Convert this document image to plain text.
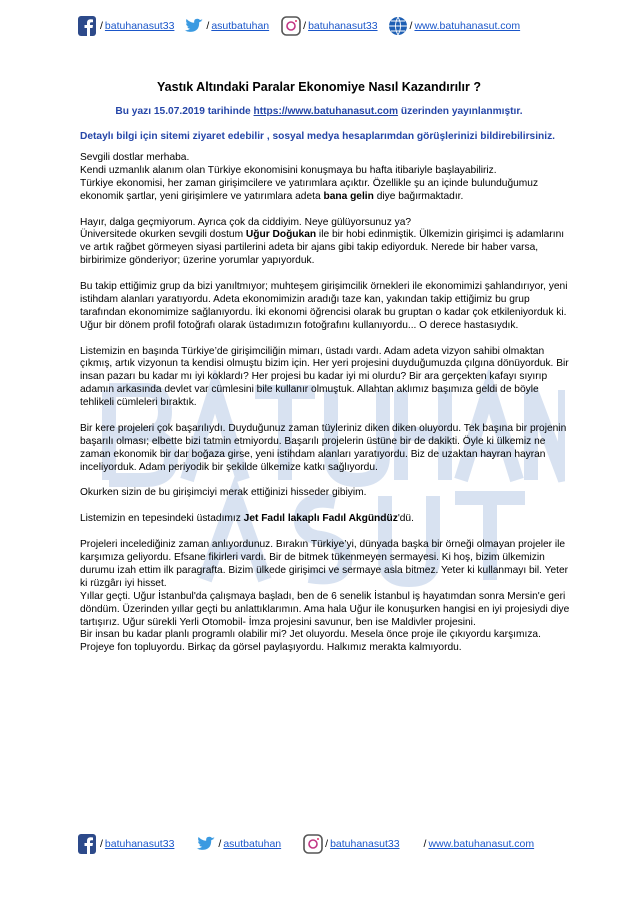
/ batuhanasut33	/ asutbatuhan	/ batuhanasut33	/ www.batuhanasut.com
Yastık Altındaki Paralar Ekonomiye Nasıl Kazandırılır ?
Bu yazı 15.07.2019 tarihinde https://www.batuhanasut.com üzerinden yayınlanmıştır.
Detaylı bilgi için sitemi ziyaret edebilir , sosyal medya hesaplarımdan görüşlerinizi bildirebilirsiniz.

Sevgili dostlar merhaba.
Kendi uzmanlık alanım olan Türkiye ekonomisini konuşmaya bu hafta itibariyle başlayabiliriz.
Türkiye ekonomisi, her zaman girişimcilere ve yatırımlara açıktır. Özellikle şu an içinde bulunduğumuz ekonomik şartlar, yeni girişimlere ve yatırımlara adeta bana gelin diye bağırmaktadır.

Hayır, dalga geçmiyorum. Ayrıca çok da ciddiyim. Neye gülüyorsunuz ya?
Üniversitede okurken sevgili dostum Uğur Doğukan ile bir hobi edinmiştik. Ülkemizin girişimci iş adamlarını ve artık rağbet görmeyen siyasi partilerini adeta bir ajans gibi takip ediyorduk. Nerede bir haber varsa, birbirimize gönderiyor; üzerine yorumlar yapıyorduk.

Bu takip ettiğimiz grup da bizi yanıltmıyor; muhteşem girişimcilik örnekleri ile ekonomimizi şahlandırıyor, yeni istihdam alanları yaratıyordu. Adeta ekonomimizin aradığı taze kan, yakından takip ettiğimiz bu grup tarafından ekonomimize sağlanıyordu. İki ekonomi öğrencisi olarak bu gruptan o kadar çok etkileniyorduk ki. Uğur bir dönem profil fotoğrafı olarak üstadımızın fotoğrafını kullanıyordu... O derece hastasıydık.

Listemizin en başında Türkiye’de girişimciliğin mimarı, üstadı vardı. Adam adeta vizyon sahibi olmaktan çıkmış, artık vizyonun ta kendisi olmuştu bizim için. Her yeri projesini duyduğumuzda çılgına dönüyorduk. Bir insan pazarı bu kadar mı iyi koklardı? Her projesi bu kadar iyi mi olurdu? Bir ara gerçekten kafayı sıyırıp adamın arkasında devlet var cümlesini bile kullanır olmuştuk. Allahtan aklımız başımıza geldi de böyle tehlikeli cümleleri bıraktık.

Bir kere projeleri çok başarılıydı. Duyduğunuz zaman tüyleriniz diken diken oluyordu. Tek başına bir projenin başarılı olması; elbette bizi tatmin etmiyordu. Başarılı projelerin üstüne bir de dakikti. Öyle ki ülkemiz ne zaman ekonomik bir dar boğaza girse, yeni istihdam alanları yaratıyordu. Biz de uzaktan hayran hayran inceliyorduk. Adam periyodik bir şekilde ülkemize katkı sağlıyordu.

Okurken sizin de bu girişimciyi merak ettiğinizi hisseder gibiyim.

Listemizin en tepesindeki üstadımız Jet Fadıl lakaplı Fadıl Akgündüz'dü.

Projeleri incelediğiniz zaman anlıyordunuz. Bırakın Türkiye’yi, dünyada başka bir örneği olmayan projeler ile karşımıza geliyordu. Efsane fikirleri vardı. Bir de bitmek tükenmeyen sermayesi. Ki hoş, bizim ülkemizin durumu izah ettim ilk paragrafta. Bizim ülkede girişimci ve sermaye asla bitmez. Yeter ki kullanmayı bil. Yeter ki rüzgârı iyi hisset.
Yıllar geçti. Uğur İstanbul'da çalışmaya başladı, ben de 6 senelik İstanbul iş hayatımdan sonra Mersin'e geri döndüm. Üzerinden yıllar geçti bu anlattıklarımın. Ama hala Uğur ile konuşurken hangisi en iyi projesiydi diye tartışırız. Uğur sürekli Yerli Otomobil- İmza projesini savunur, ben ise Maldivler projesini.
Bir insan bu kadar planlı programlı olabilir mi? Jet oluyordu. Mesela önce proje ile çıkıyordu karşımıza. Projeye fon topluyordu. Birkaç da görsel paylaşıyordu. Halkımız merakta kalmıyordu.

/ batuhanasut33	/ asutbatuhan	/ batuhanasut33 / www.batuhanasut.com
